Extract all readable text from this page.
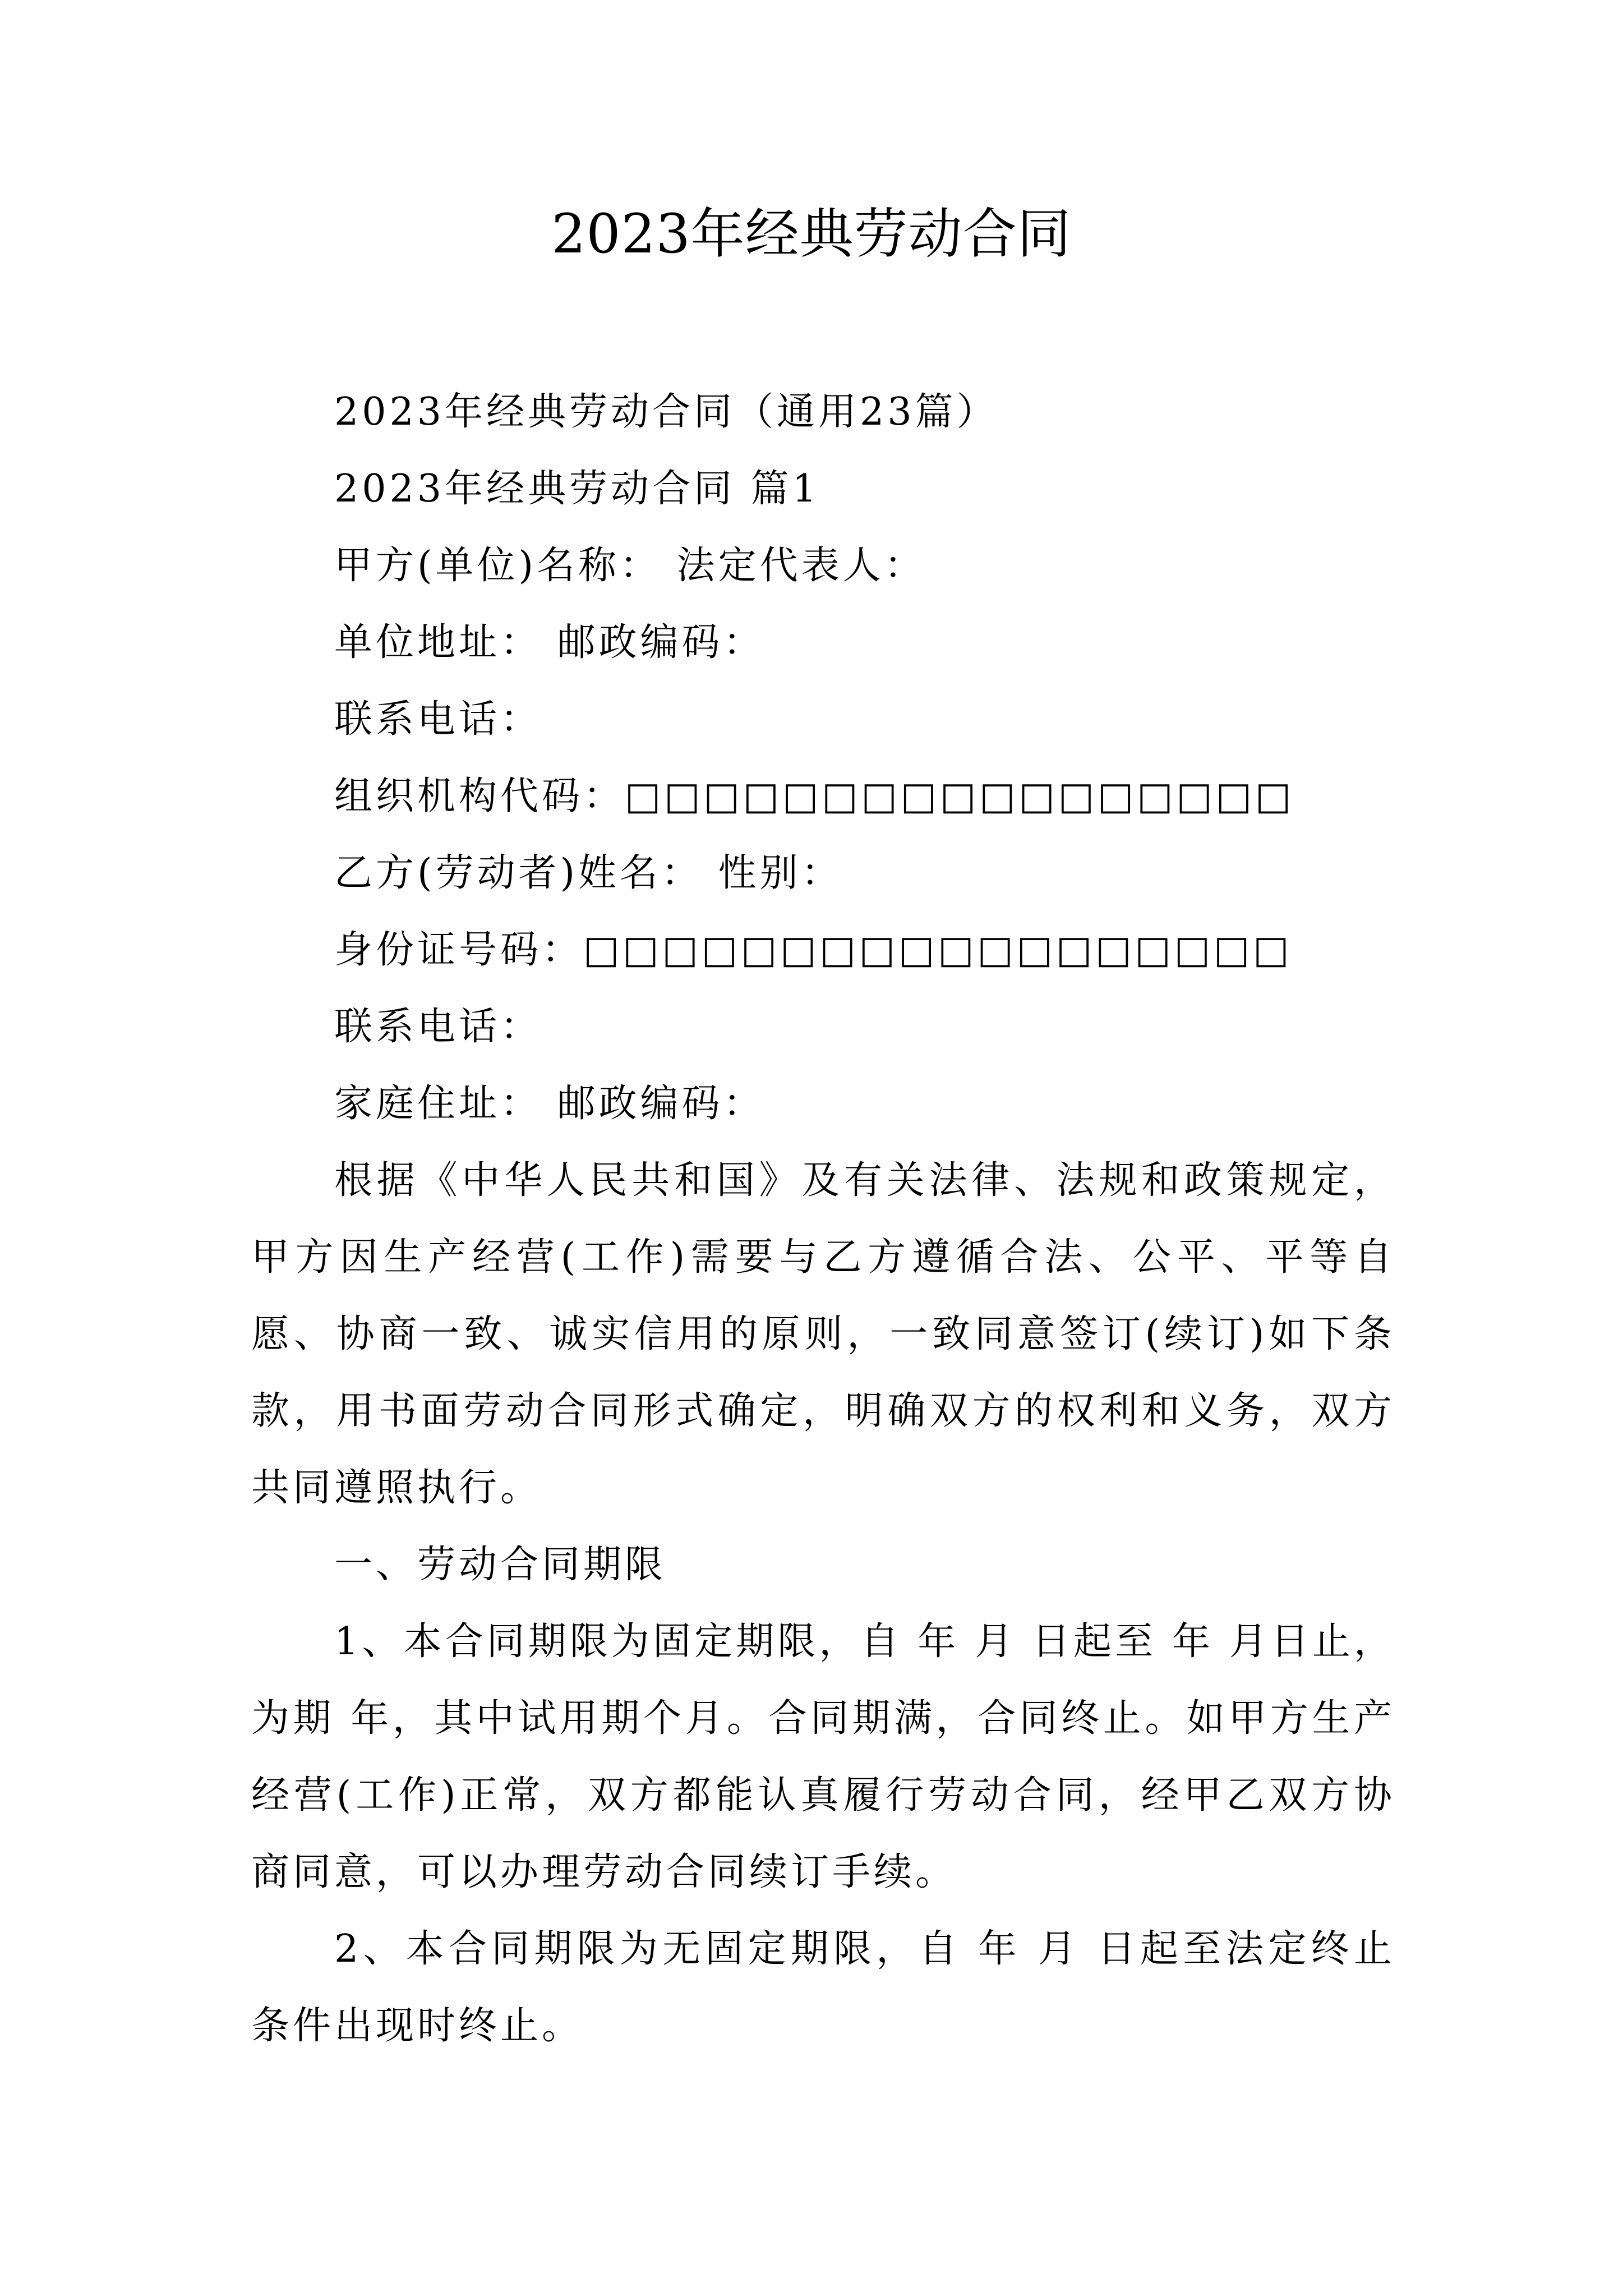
2023年经典劳动合同

2023年经典劳动合同（通用23篇）

2023年经典劳动合同 篇1

甲方(单位)名称： 法定代表人：

单位地址： 邮政编码：

联系电话：

组织机构代码：□□□□□□□□□□□□□□□□□

乙方(劳动者)姓名： 性别：

身份证号码：□□□□□□□□□□□□□□□□□□

联系电话：

家庭住址： 邮政编码：

根据《中华人民共和国》及有关法律、法规和政策规定，甲方因生产经营(工作)需要与乙方遵循合法、公平、平等自愿、协商一致、诚实信用的原则，一致同意签订(续订)如下条款，用书面劳动合同形式确定，明确双方的权利和义务，双方共同遵照执行。

一、劳动合同期限

1、本合同期限为固定期限，自 年 月 日起至 年 月日止，为期 年，其中试用期个月。合同期满，合同终止。如甲方生产经营(工作)正常，双方都能认真履行劳动合同，经甲乙双方协商同意，可以办理劳动合同续订手续。

2、本合同期限为无固定期限，自 年 月 日起至法定终止条件出现时终止。
